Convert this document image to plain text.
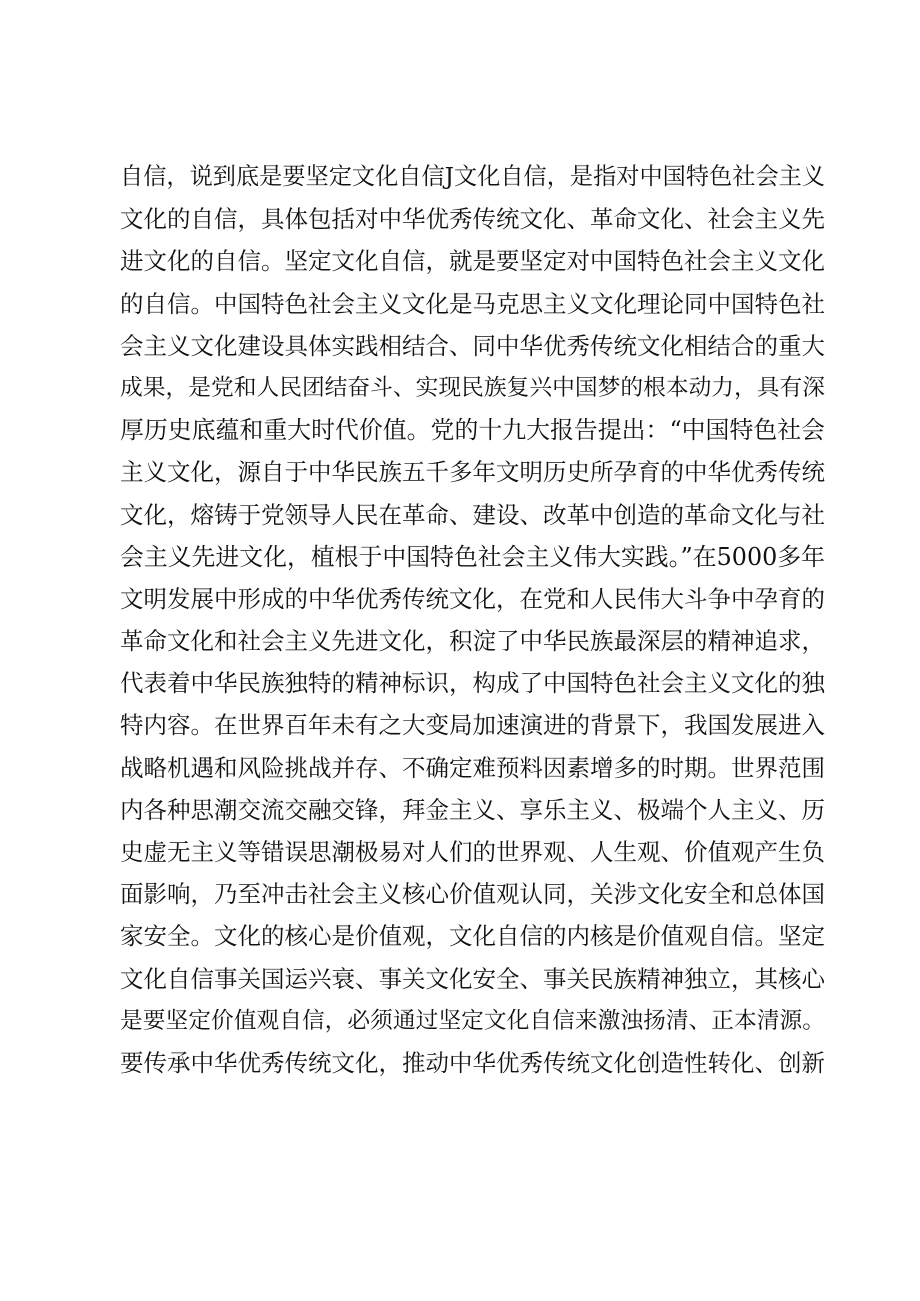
自信，说到底是要坚定文化自信J文化自信，是指对中国特色社会主义
文化的自信，具体包括对中华优秀传统文化、革命文化、社会主义先
进文化的自信。坚定文化自信，就是要坚定对中国特色社会主义文化
的自信。中国特色社会主义文化是马克思主义文化理论同中国特色社
会主义文化建设具体实践相结合、同中华优秀传统文化相结合的重大
成果，是党和人民团结奋斗、实现民族复兴中国梦的根本动力，具有深
厚历史底蕴和重大时代价值。党的十九大报告提出：“中国特色社会
主义文化，源自于中华民族五千多年文明历史所孕育的中华优秀传统
文化，熔铸于党领导人民在革命、建设、改革中创造的革命文化与社
会主义先进文化，植根于中国特色社会主义伟大实践。”在5000多年
文明发展中形成的中华优秀传统文化，在党和人民伟大斗争中孕育的
革命文化和社会主义先进文化，积淀了中华民族最深层的精神追求，
代表着中华民族独特的精神标识，构成了中国特色社会主义文化的独
特内容。在世界百年未有之大变局加速演进的背景下，我国发展进入
战略机遇和风险挑战并存、不确定难预料因素增多的时期。世界范围
内各种思潮交流交融交锋，拜金主义、享乐主义、极端个人主义、历
史虚无主义等错误思潮极易对人们的世界观、人生观、价值观产生负
面影响，乃至冲击社会主义核心价值观认同，关涉文化安全和总体国
家安全。文化的核心是价值观，文化自信的内核是价值观自信。坚定
文化自信事关国运兴衰、事关文化安全、事关民族精神独立，其核心
是要坚定价值观自信，必须通过坚定文化自信来激浊扬清、正本清源。
要传承中华优秀传统文化，推动中华优秀传统文化创造性转化、创新
